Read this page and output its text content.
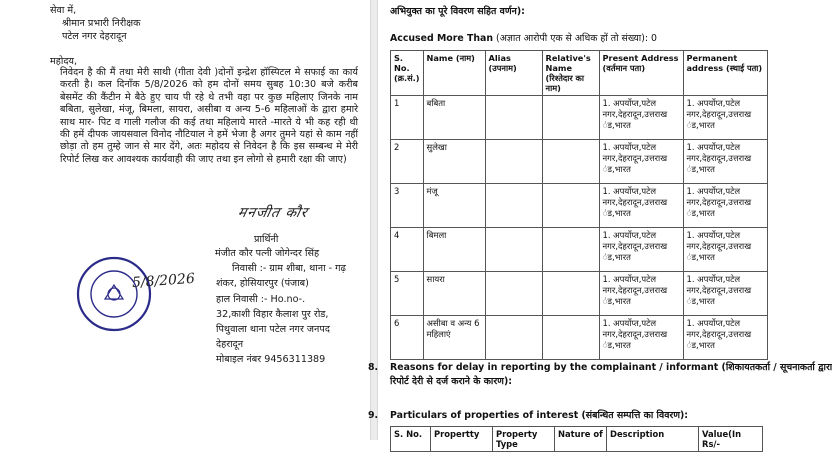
सेवा में,
श्रीमान प्रभारी निरीक्षक
पटेल नगर देहरादून
महोदय,
निवेदन है की मैं तथा मेरी साथी (गीता देवी )दोनों इन्द्रेश हॉस्पिटल मे सफाई का कार्य करती है। कल दिनाँक 5/8/2026 को हम दोनों समय सुबह 10:30 बजे करीब बेसमेंट की कैंटीन मे बैठे हुए चाय पी रहे थे तभी वहा पर कुछ महिलाए जिनके नाम बबिता, सुलेखा, मंजू, बिमला, सायरा, असीबा व अन्य 5-6 महिलाओं के द्वारा हमारे साथ मार- पिट व गाली गलौज की कई तथा महिलाये मारते -मारते ये भी कह रही थी की हमें दीपक जायसवाल विनोद नौटियाल ने हमें भेजा है अगर तुमने यहां से काम नहीं छोड़ा तो हम तुम्हे जान से मार देंगे, अतः महोदय से निवेदन है कि इस सम्बन्ध मे मेरी रिपोर्ट लिख कर आवश्यक कार्यवाही की जाए तथा इन लोगो से हमारी रक्षा की जाए)
मनजीत कौर
प्रार्थिनी
मंजीत कौर पत्नी जोगेन्दर सिंह
निवासी :- ग्राम शीबा, थाना - गढ़
शंकर, होसियारपुर (पंजाब)
हाल निवासी :- Ho.no-.
32,काशी विहार कैलाश पुर रोड,
पिथुवाला थाना पटेल नगर जनपद
देहरादून
मोबाइल नंबर 9456311389
5/8/2026
अभियुक्त का पूरे विवरण सहित वर्णन):
Accused More Than (अज्ञात आरोपी एक से अधिक हों तो संख्या): 0
S. No. (क्र.सं.)	Name (नाम)	Alias (उपनाम)	Relative's Name (रिश्तेदार का नाम)	Present Address (वर्तमान पता)	Permanent address (स्थाई पता)
1	बबिता			1. अपर्योप्त,पटेल नगर,देहरादून,उत्तराख ंड,भारत	1. अपर्योप्त,पटेल नगर,देहरादून,उत्तराख ंड,भारत
2	सुलेखा			1. अपर्योप्त,पटेल नगर,देहरादून,उत्तराख ंड,भारत	1. अपर्योप्त,पटेल नगर,देहरादून,उत्तराख ंड,भारत
3	मंजू			1. अपर्योप्त,पटेल नगर,देहरादून,उत्तराख ंड,भारत	1. अपर्योप्त,पटेल नगर,देहरादून,उत्तराख ंड,भारत
4	बिमला			1. अपर्योप्त,पटेल नगर,देहरादून,उत्तराख ंड,भारत	1. अपर्योप्त,पटेल नगर,देहरादून,उत्तराख ंड,भारत
5	सायरा			1. अपर्योप्त,पटेल नगर,देहरादून,उत्तराख ंड,भारत	1. अपर्योप्त,पटेल नगर,देहरादून,उत्तराख ंड,भारत
6	असीबा व अन्य 6 महिलाएं			1. अपर्योप्त,पटेल नगर,देहरादून,उत्तराख ंड,भारत	1. अपर्योप्त,पटेल नगर,देहरादून,उत्तराख ंड,भारत
8. Reasons for delay in reporting by the complainant / informant (शिकायतकर्ता / सूचनाकर्ता द्वारा
रिपोर्ट देरी से दर्ज कराने के कारण):
9. Particulars of properties of interest (संबन्धित सम्पत्ति का विवरण):
S. No.	Propertty	Property Type	Nature of	Description	Value(In Rs/-
